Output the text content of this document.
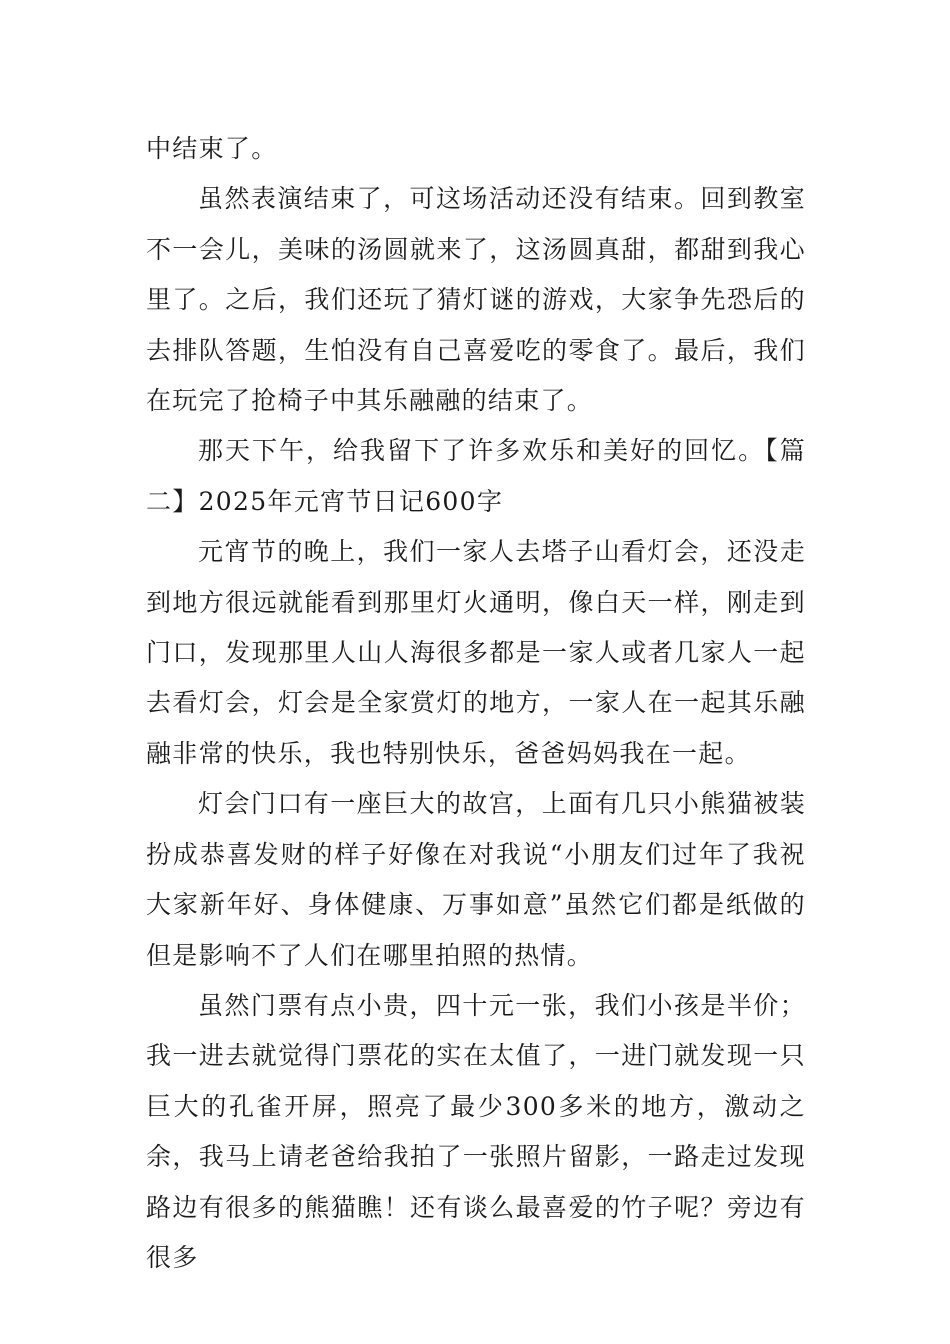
中结束了。

虽然表演结束了，可这场活动还没有结束。回到教室不一会儿，美味的汤圆就来了，这汤圆真甜，都甜到我心里了。之后，我们还玩了猜灯谜的游戏，大家争先恐后的去排队答题，生怕没有自己喜爱吃的零食了。最后，我们在玩完了抢椅子中其乐融融的结束了。

那天下午，给我留下了许多欢乐和美好的回忆。【篇二】2025年元宵节日记600字

元宵节的晚上，我们一家人去塔子山看灯会，还没走到地方很远就能看到那里灯火通明，像白天一样，刚走到门口，发现那里人山人海很多都是一家人或者几家人一起去看灯会，灯会是全家赏灯的地方，一家人在一起其乐融融非常的快乐，我也特别快乐，爸爸妈妈我在一起。

灯会门口有一座巨大的故宫，上面有几只小熊猫被装扮成恭喜发财的样子好像在对我说“小朋友们过年了我祝大家新年好、身体健康、万事如意”虽然它们都是纸做的但是影响不了人们在哪里拍照的热情。

虽然门票有点小贵，四十元一张，我们小孩是半价；我一进去就觉得门票花的实在太值了，一进门就发现一只巨大的孔雀开屏，照亮了最少300多米的地方，激动之余，我马上请老爸给我拍了一张照片留影，一路走过发现路边有很多的熊猫瞧！还有谈么最喜爱的竹子呢？旁边有很多
